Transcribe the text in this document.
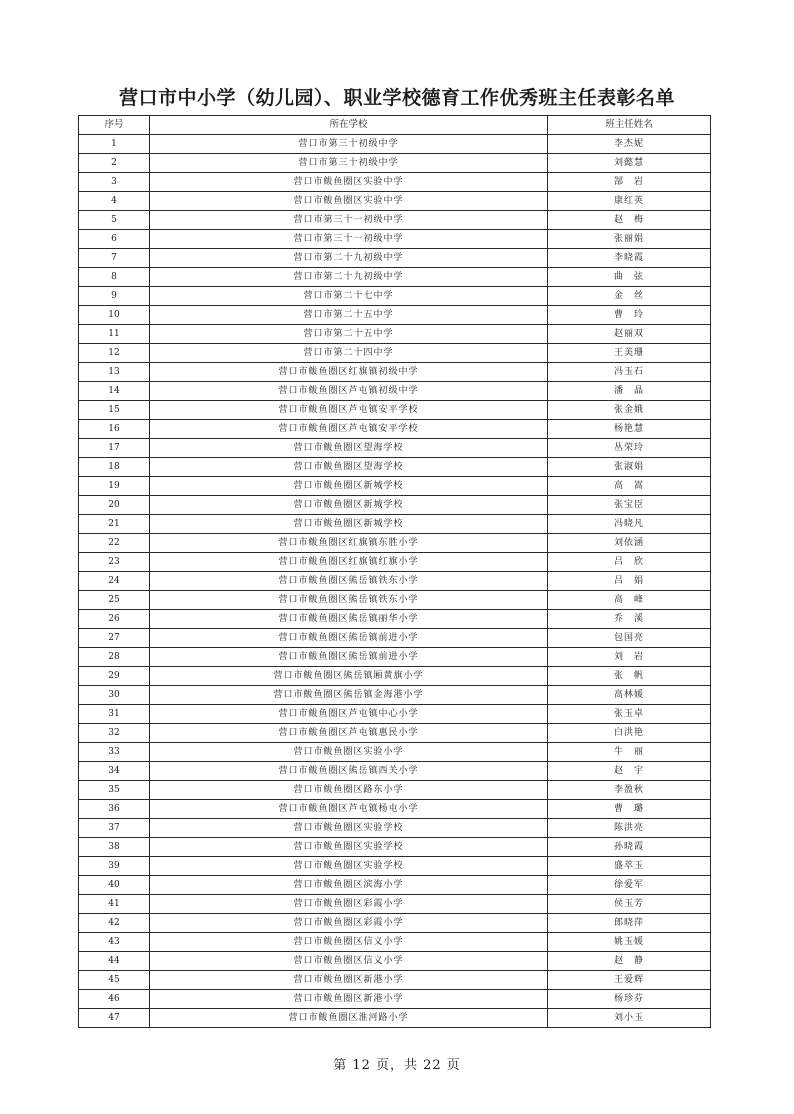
营口市中小学（幼儿园）、职业学校德育工作优秀班主任表彰名单
序号	所在学校	班主任姓名
1	营口市第三十初级中学	李杰妮
2	营口市第三十初级中学	刘懿慧
3	营口市鲅鱼圈区实验中学	郜　岩
4	营口市鲅鱼圈区实验中学	康红英
5	营口市第三十一初级中学	赵　梅
6	营口市第三十一初级中学	张丽娟
7	营口市第二十九初级中学	李晓霞
8	营口市第二十九初级中学	曲　弦
9	营口市第二十七中学	金　丝
10	营口市第二十五中学	曹　玲
11	营口市第二十五中学	赵丽双
12	营口市第二十四中学	王美珊
13	营口市鲅鱼圈区红旗镇初级中学	冯玉石
14	营口市鲅鱼圈区芦屯镇初级中学	潘　晶
15	营口市鲅鱼圈区芦屯镇安平学校	张金娥
16	营口市鲅鱼圈区芦屯镇安平学校	杨艳慧
17	营口市鲅鱼圈区望海学校	丛荣玲
18	营口市鲅鱼圈区望海学校	张淑娟
19	营口市鲅鱼圈区新城学校	高　嵩
20	营口市鲅鱼圈区新城学校	张宝臣
21	营口市鲅鱼圈区新城学校	冯晓凡
22	营口市鲅鱼圈区红旗镇东胜小学	刘依涵
23	营口市鲅鱼圈区红旗镇红旗小学	吕　欣
24	营口市鲅鱼圈区熊岳镇铁东小学	吕　娟
25	营口市鲅鱼圈区熊岳镇铁东小学	高　峰
26	营口市鲅鱼圈区熊岳镇丽华小学	乔　溪
27	营口市鲅鱼圈区熊岳镇前进小学	包国亮
28	营口市鲅鱼圈区熊岳镇前进小学	刘　岩
29	营口市鲅鱼圈区熊岳镇厢黄旗小学	张　帆
30	营口市鲅鱼圈区熊岳镇金海港小学	高林媛
31	营口市鲅鱼圈区芦屯镇中心小学	张玉卓
32	营口市鲅鱼圈区芦屯镇惠民小学	白洪艳
33	营口市鲅鱼圈区实验小学	牛　丽
34	营口市鲅鱼圈区熊岳镇西关小学	赵　宇
35	营口市鲅鱼圈区路东小学	李盈秋
36	营口市鲅鱼圈区芦屯镇杨屯小学	曹　璐
37	营口市鲅鱼圈区实验学校	陈洪亮
38	营口市鲅鱼圈区实验学校	孙晓霞
39	营口市鲅鱼圈区实验学校	盛萃玉
40	营口市鲅鱼圈区滨海小学	徐爱军
41	营口市鲅鱼圈区彩霞小学	侯玉芳
42	营口市鲅鱼圈区彩霞小学	郎晓萍
43	营口市鲅鱼圈区信义小学	姚玉媛
44	营口市鲅鱼圈区信义小学	赵　静
45	营口市鲅鱼圈区新港小学	王爱辉
46	营口市鲅鱼圈区新港小学	杨珍芬
47	营口市鲅鱼圈区淮河路小学	刘小玉
第 12 页，共 22 页
